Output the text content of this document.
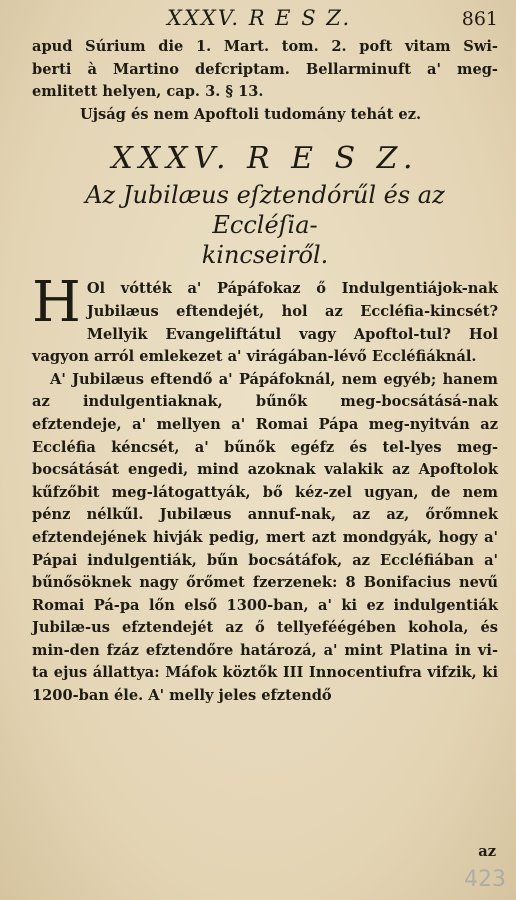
XXXV. R E S Z.	861

apud Súrium die 1. Mart. tom. 2. poft vitam Swi-

berti à Martino defcriptam. Bellarminuft a' meg-

emlitett helyen, cap. 3. § 13.

Ujság és nem Apoftoli tudomány tehát ez.

XXXV. R E S Z.
Az Jubilæus eſztendórűl és az Eccléſia-
kincseiről.

H Ol vótték a' Pápáfokaz ő Indulgentiájok-nak Jubilæus eftendejét, hol az Eccléfia-kincsét? Mellyik Evangeliftátul vagy Apoftol-tul? Hol vagyon arról emlekezet a' virágában-lévő Eccléfiáknál.

A' Jubilæus eftendő a' Pápáfoknál, nem egyéb; hanem az indulgentiaknak, bűnők meg-bocsátásá-nak efztendeje, a' mellyen a' Romai Pápa meg-nyitván az Eccléfia kéncsét, a' bűnők egéfz és tel-lyes meg-bocsátását engedi, mind azoknak valakik az Apoftolok kűfzőbit meg-látogattyák, bő kéz-zel ugyan, de nem pénz nélkűl. Jubilæus annuf-nak, az az, őrőmnek efztendejének hivják pedig, mert azt mondgyák, hogy a' Pápai indulgentiák, bűn bocsátáfok, az Eccléfiában a' bűnősöknek nagy őrőmet fzerzenek: 8 Bonifacius nevű Romai Pá-pa lőn első 1300-ban, a' ki ez indulgentiák Jubilæ-us efztendejét az ő tellyeféégében kohola, és min-den fzáz efztendőre határozá, a' mint Platina in vi-ta ejus állattya: Máfok köztők III Innocentiufra vifzik, ki 1200-ban éle. A' melly jeles efztendő

az
423
